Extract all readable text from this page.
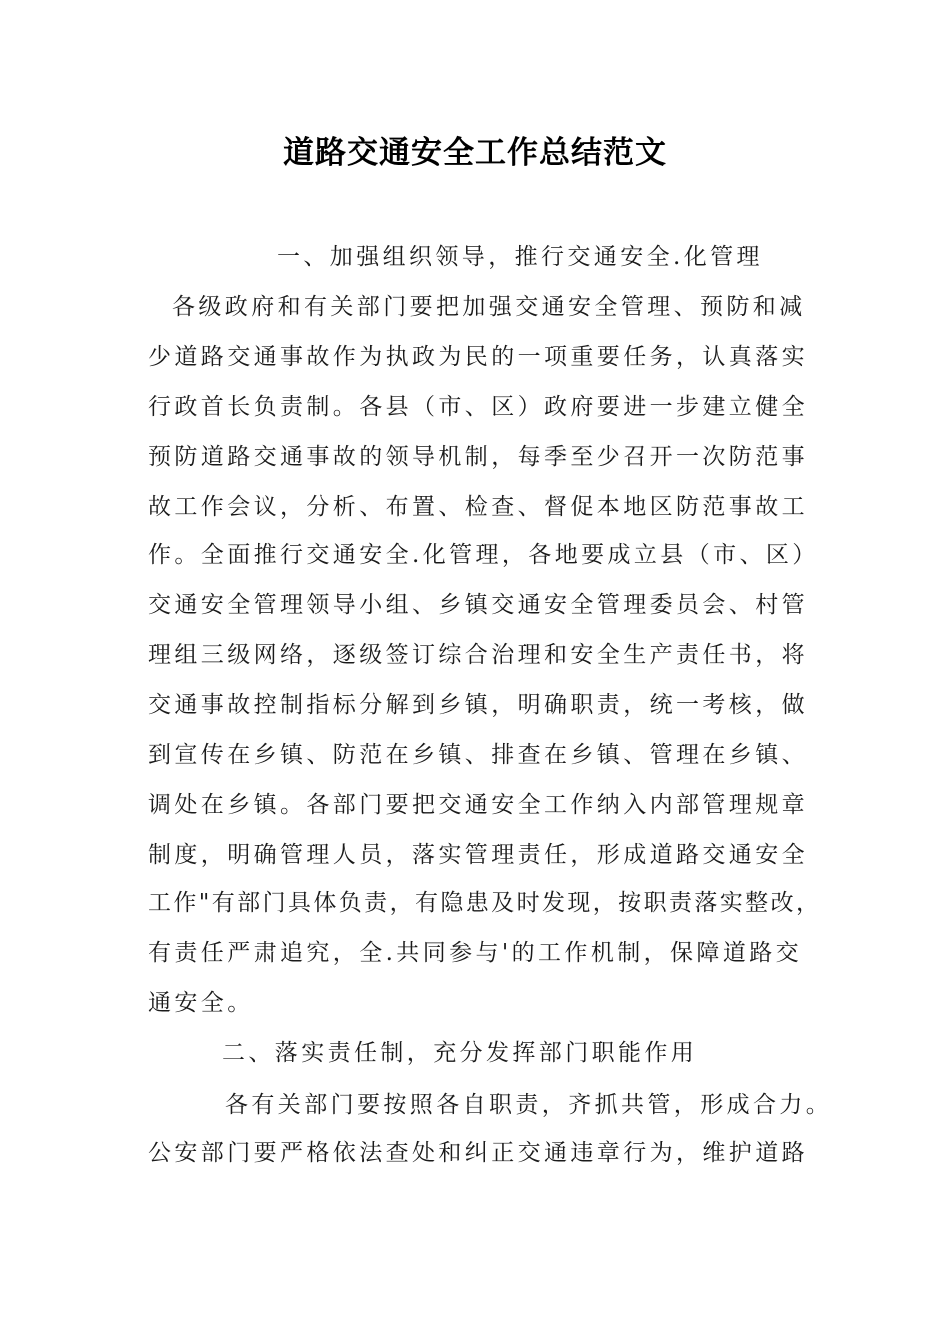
道路交通安全工作总结范文
一、加强组织领导，推行交通安全.化管理
各级政府和有关部门要把加强交通安全管理、预防和减
少道路交通事故作为执政为民的一项重要任务，认真落实
行政首长负责制。各县（市、区）政府要进一步建立健全
预防道路交通事故的领导机制，每季至少召开一次防范事
故工作会议，分析、布置、检查、督促本地区防范事故工
作。全面推行交通安全.化管理，各地要成立县（市、区）
交通安全管理领导小组、乡镇交通安全管理委员会、村管
理组三级网络，逐级签订综合治理和安全生产责任书，将
交通事故控制指标分解到乡镇，明确职责，统一考核，做
到宣传在乡镇、防范在乡镇、排查在乡镇、管理在乡镇、
调处在乡镇。各部门要把交通安全工作纳入内部管理规章
制度，明确管理人员，落实管理责任，形成道路交通安全
工作"有部门具体负责，有隐患及时发现，按职责落实整改，
有责任严肃追究，全.共同参与'的工作机制，保障道路交
通安全。
二、落实责任制，充分发挥部门职能作用
各有关部门要按照各自职责，齐抓共管，形成合力。
公安部门要严格依法查处和纠正交通违章行为，维护道路
